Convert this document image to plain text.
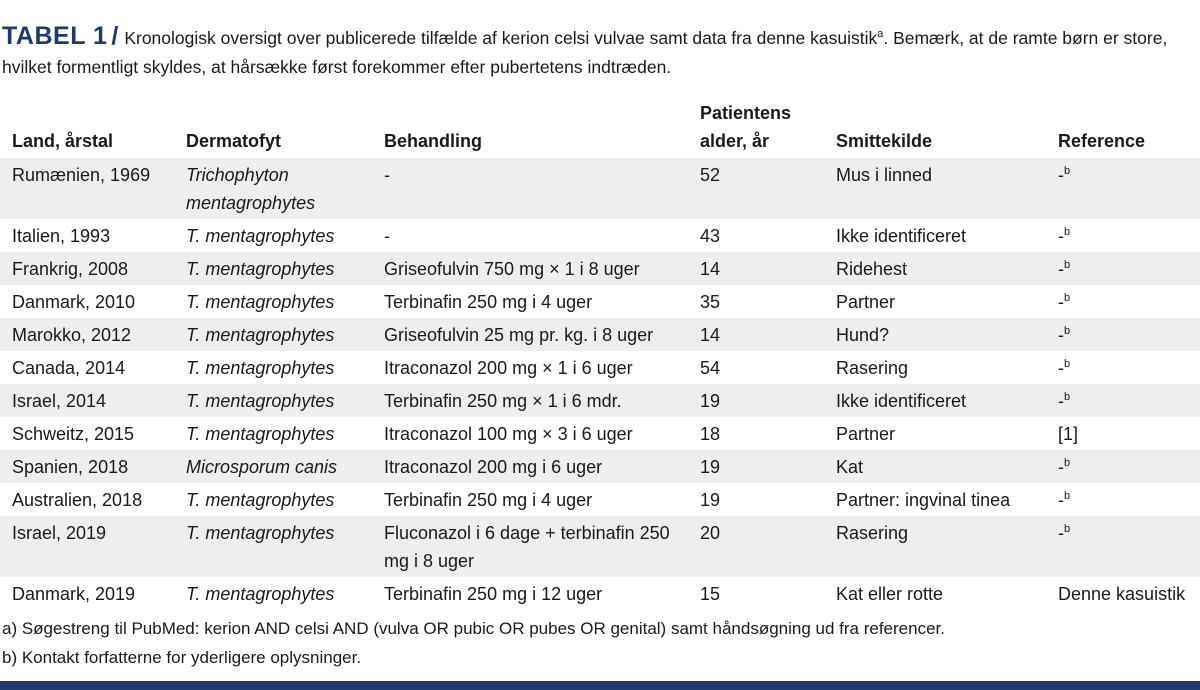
TABEL 1 / Kronologisk oversigt over publicerede tilfælde af kerion celsi vulvae samt data fra denne kasuistik$^a$. Bemærk, at de ramte børn er store, hvilket formentligt skyldes, at hårsække først forekommer efter pubertetens indtræden.
Land, årstal	Dermatofyt	Behandling	Patientens alder, år	Smittekilde	Reference
Rumænien, 1969	Trichophyton mentagrophytes	-	52	Mus i linned	-$^b$
Italien, 1993	T. mentagrophytes	-	43	Ikke identificeret	-$^b$
Frankrig, 2008	T. mentagrophytes	Griseofulvin 750 mg × 1 i 8 uger	14	Ridehest	-$^b$
Danmark, 2010	T. mentagrophytes	Terbinafin 250 mg i 4 uger	35	Partner	-$^b$
Marokko, 2012	T. mentagrophytes	Griseofulvin 25 mg pr. kg. i 8 uger	14	Hund?	-$^b$
Canada, 2014	T. mentagrophytes	Itraconazol 200 mg × 1 i 6 uger	54	Rasering	-$^b$
Israel, 2014	T. mentagrophytes	Terbinafin 250 mg × 1 i 6 mdr.	19	Ikke identificeret	-$^b$
Schweitz, 2015	T. mentagrophytes	Itraconazol 100 mg × 3 i 6 uger	18	Partner	[1]
Spanien, 2018	Microsporum canis	Itraconazol 200 mg i 6 uger	19	Kat	-$^b$
Australien, 2018	T. mentagrophytes	Terbinafin 250 mg i 4 uger	19	Partner: ingvinal tinea	-$^b$
Israel, 2019	T. mentagrophytes	Fluconazol i 6 dage + terbinafin 250 mg i 8 uger	20	Rasering	-$^b$
Danmark, 2019	T. mentagrophytes	Terbinafin 250 mg i 12 uger	15	Kat eller rotte	Denne kasuistik
a) Søgestreng til PubMed: kerion AND celsi AND (vulva OR pubic OR pubes OR genital) samt håndsøgning ud fra referencer.
b) Kontakt forfatterne for yderligere oplysninger.
